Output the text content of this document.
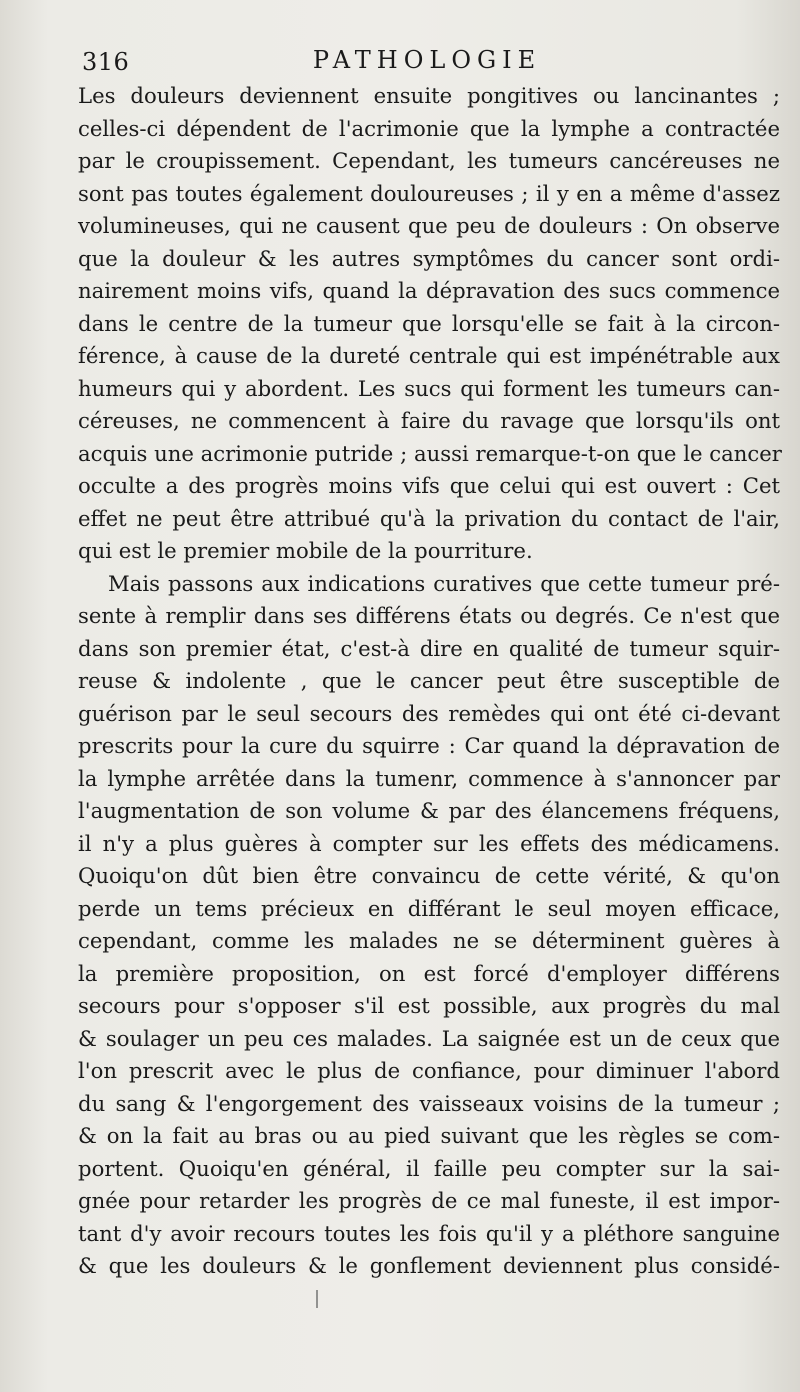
316	PATHOLOGIE
Les douleurs deviennent ensuite pongitives ou lancinantes ;
celles-ci dépendent de l'acrimonie que la lymphe a contractée
par le croupissement. Cependant, les tumeurs cancéreuses ne
sont pas toutes également douloureuses ; il y en a même d'assez
volumineuses, qui ne causent que peu de douleurs : On observe
que la douleur & les autres symptômes du cancer sont ordi-
nairement moins vifs, quand la dépravation des sucs commence
dans le centre de la tumeur que lorsqu'elle se fait à la circon-
férence, à cause de la dureté centrale qui est impénétrable aux
humeurs qui y abordent. Les sucs qui forment les tumeurs can-
céreuses, ne commencent à faire du ravage que lorsqu'ils ont
acquis une acrimonie putride ; aussi remarque-t-on que le cancer
occulte a des progrès moins vifs que celui qui est ouvert : Cet
effet ne peut être attribué qu'à la privation du contact de l'air,
qui est le premier mobile de la pourriture.
Mais passons aux indications curatives que cette tumeur pré-
sente à remplir dans ses différens états ou degrés. Ce n'est que
dans son premier état, c'est-à dire en qualité de tumeur squir-
reuse & indolente , que le cancer peut être susceptible de
guérison par le seul secours des remèdes qui ont été ci-devant
prescrits pour la cure du squirre : Car quand la dépravation de
la lymphe arrêtée dans la tumenr, commence à s'annoncer par
l'augmentation de son volume & par des élancemens fréquens,
il n'y a plus guères à compter sur les effets des médicamens.
Quoiqu'on dût bien être convaincu de cette vérité, & qu'on
perde un tems précieux en différant le seul moyen efficace,
cependant, comme les malades ne se déterminent guères à
la première proposition, on est forcé d'employer différens
secours pour s'opposer s'il est possible, aux progrès du mal
& soulager un peu ces malades. La saignée est un de ceux que
l'on prescrit avec le plus de confiance, pour diminuer l'abord
du sang & l'engorgement des vaisseaux voisins de la tumeur ;
& on la fait au bras ou au pied suivant que les règles se com-
portent. Quoiqu'en général, il faille peu compter sur la sai-
gnée pour retarder les progrès de ce mal funeste, il est impor-
tant d'y avoir recours toutes les fois qu'il y a pléthore sanguine
& que les douleurs & le gonflement deviennent plus considé-
